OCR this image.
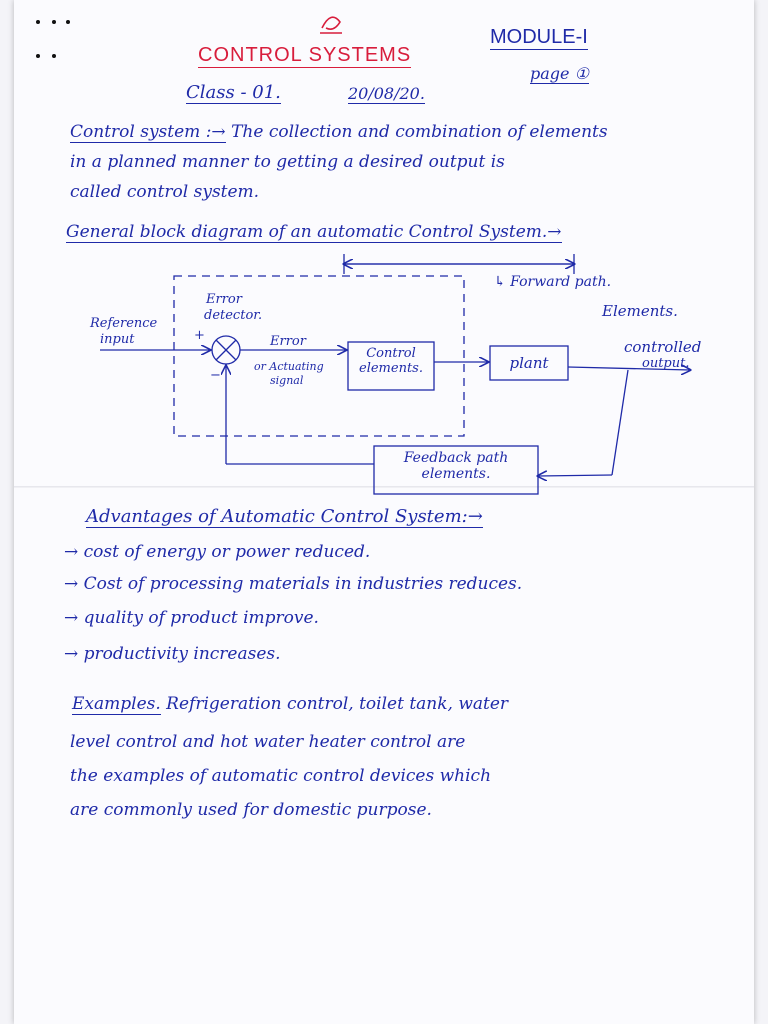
CONTROL SYSTEMS
MODULE-I
page ①
Class - 01.	20/08/20.
Control system :→ The collection and combination of elements
in a planned manner to getting a desired output is
called control system.
General block diagram of an automatic Control System.→
↳ Forward path.
Elements.
Error
detector.
Reference
input	+
−
Error
or Actuating
signal
Control
elements.	plant
controlled
output.
Feedback path
elements.
Advantages of Automatic Control System:→
→ cost of energy or power reduced.
→ Cost of processing materials in industries reduces.
→ quality of product improve.
→ productivity increases.
Examples. Refrigeration control, toilet tank, water
level control and hot water heater control are
the examples of automatic control devices which
are commonly used for domestic purpose.
